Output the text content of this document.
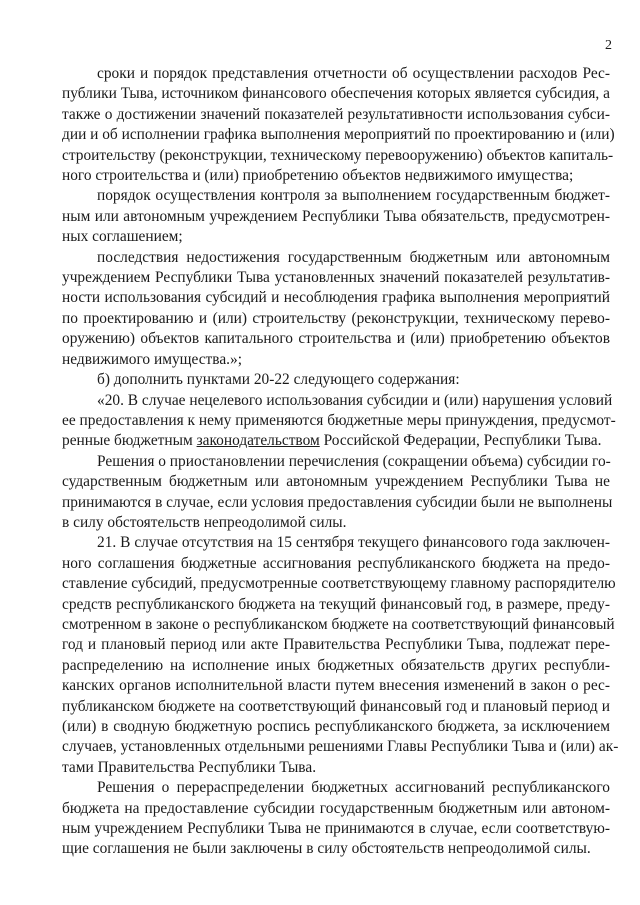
2
сроки и порядок представления отчетности об осуществлении расходов Рес-
публики Тыва, источником финансового обеспечения которых является субсидия, а
также о достижении значений показателей результативности использования субси-
дии и об исполнении графика выполнения мероприятий по проектированию и (или)
строительству (реконструкции, техническому перевооружению) объектов капиталь-
ного строительства и (или) приобретению объектов недвижимого имущества;
порядок осуществления контроля за выполнением государственным бюджет-
ным или автономным учреждением Республики Тыва обязательств, предусмотрен-
ных соглашением;
последствия недостижения государственным бюджетным или автономным
учреждением Республики Тыва установленных значений показателей результатив-
ности использования субсидий и несоблюдения графика выполнения мероприятий
по проектированию и (или) строительству (реконструкции, техническому перево-
оружению) объектов капитального строительства и (или) приобретению объектов
недвижимого имущества.»;
б) дополнить пунктами 20-22 следующего содержания:
«20. В случае нецелевого использования субсидии и (или) нарушения условий
ее предоставления к нему применяются бюджетные меры принуждения, предусмот-
ренные бюджетным законодательством Российской Федерации, Республики Тыва.
Решения о приостановлении перечисления (сокращении объема) субсидии го-
сударственным бюджетным или автономным учреждением Республики Тыва не
принимаются в случае, если условия предоставления субсидии были не выполнены
в силу обстоятельств непреодолимой силы.
21. В случае отсутствия на 15 сентября текущего финансового года заключен-
ного соглашения бюджетные ассигнования республиканского бюджета на предо-
ставление субсидий, предусмотренные соответствующему главному распорядителю
средств республиканского бюджета на текущий финансовый год, в размере, преду-
смотренном в законе о республиканском бюджете на соответствующий финансовый
год и плановый период или акте Правительства Республики Тыва, подлежат пере-
распределению на исполнение иных бюджетных обязательств других республи-
канских органов исполнительной власти путем внесения изменений в закон о рес-
публиканском бюджете на соответствующий финансовый год и плановый период и
(или) в сводную бюджетную роспись республиканского бюджета, за исключением
случаев, установленных отдельными решениями Главы Республики Тыва и (или) ак-
тами Правительства Республики Тыва.
Решения о перераспределении бюджетных ассигнований республиканского
бюджета на предоставление субсидии государственным бюджетным или автоном-
ным учреждением Республики Тыва не принимаются в случае, если соответствую-
щие соглашения не были заключены в силу обстоятельств непреодолимой силы.
